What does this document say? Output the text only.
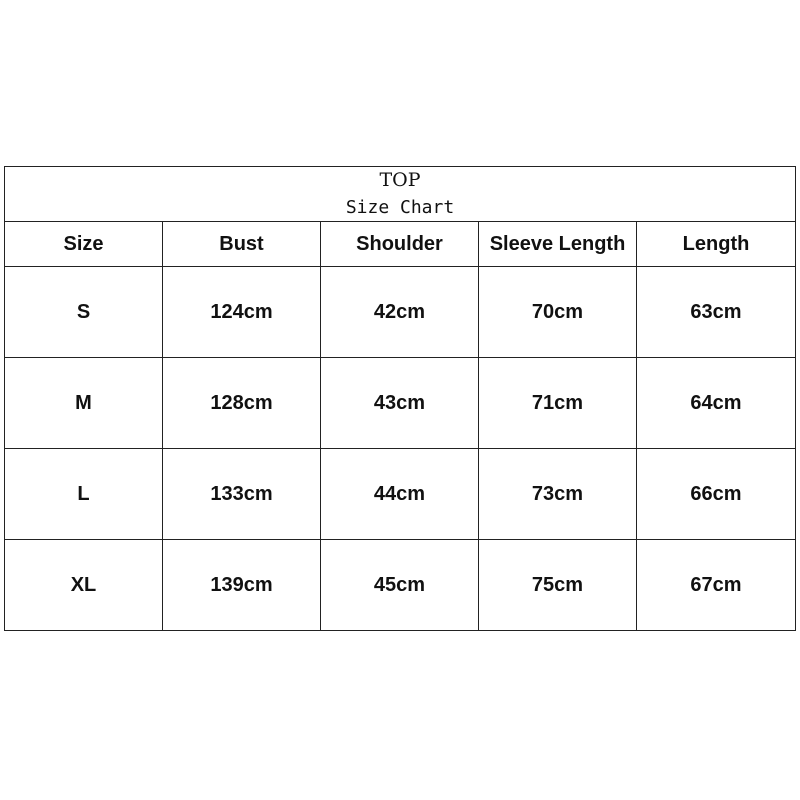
TOP
Size Chart				

Size	Bust	Shoulder	Sleeve Length	Length
S	124cm	42cm	70cm	63cm
M	128cm	43cm	71cm	64cm
L	133cm	44cm	73cm	66cm
XL	139cm	45cm	75cm	67cm
